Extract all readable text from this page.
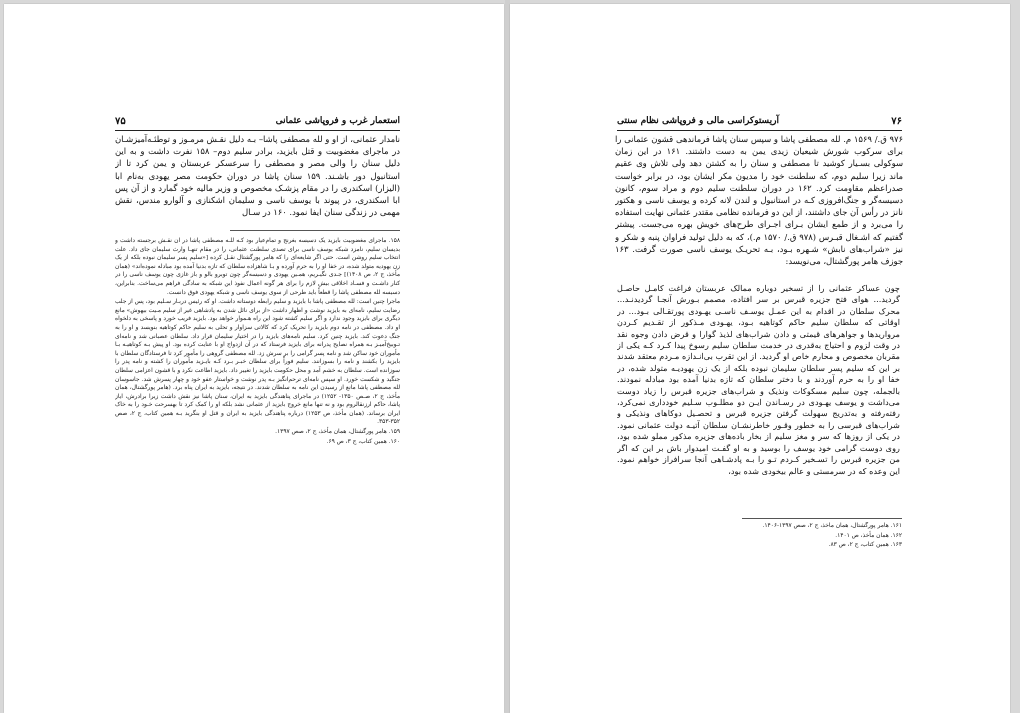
۷۵	استعمار غرب و فروپاشی عثمانی

نامدار عثمانی، از او و لله مصطفی پاشا– بـه دلیل نقـش مرمـوز و توطئـه‌آمیزشـان در ماجرای مغضوبیت و قتل بایزید، برادر سلیم دوم– ۱۵۸ نفرت داشت و به این دلیل سنان را والی مصر و مصطفی را سرعسکر عربستان و یمن کرد تا از استانبول دور باشـند. ۱۵۹ سنان پاشا در دوران حکومت مصر یهودی به‌نام ابا (الیزار) اسکندری را در مقام پزشـک مخصوص و وزیر مالیه خود گمارد و از آن پس ابا اسکندری، در پیوند با یوسف ناسی و سلیمان اشکنازی و آلوارو مندس، نقش مهمی در زندگی سنان ایفا نمود. ۱۶۰ در سـال

۱۵۸. ماجرای مغضوبیت بایزید یک دسیسه بغرنج و تمام‌عیار بود کـه للـه مصطفی پاشا در آن نقـش برجسته داشت و بدیسان سلیم، نامزد شبکه یوسف ناسی برای تصدی سلطنت عثمانی، را در مقام تنهـا وارث سلیمان جای داد. علت انتخاب سلیم روشن است. حتی اگر شایعه‌ای را که هامر پورگشتال نقـل کرده [«سلیم پسر سلیمان نبوده بلکه از یک زن یهودیه متولد شده، در خفا او را به حرم آورده‌ و بـا شاهزاده سلطان که تازه بدنیا آمده بود مبادله نموده‌اند» (همان مأخذ، ج ۲، ص ۱۴۰۸)] جـدی نگیـریم، همـین یهودی و دسیسه‌گر چون توبرو بالو و باز غازی چون یوسف ناسی را در کنار داشـت و فسـاد اخلاقی بیش لازم را برای هر گونه اعمال نفوذ این شبکه به سادگی فراهم می‌ساخت. بنابراین، دسیسه لله مصطفی پاشا را قطعاً باید طرحی از سوی یوسف ناسی و شبکه یهودی فوق دانست.

ماجرا چنین است: لله مصطفی پاشا با بایزید و سلیم رابطه دوستانه داشت. او که رئیس دربـار سـلیم بود، پس از جلب رضایت سلیم، نامه‌ای به بایزید نوشت و اظهار داشت «از برای نائل شدن به پادشاهی غیر از سلیم مـیت بیهوش» مانع دیگری برای بایزید وجود ندارد و اگر سلیم کشته شود این راه هـموار خواهد بود. بایزید فریب خورد و پاسخی به دلخواه او داد. مصطفی در نامه دوم بایزید را تحریک کرد که کالاتی سزاوار و تحلی به سلیم حاکم کوتاهیه بنویسد و او را به جنگ دعوت کند. بایزید چنین کرد. سلیم نامه‌های بایزید را در اختیار سلیمان قرار داد. سلطان عصبانی شد و نامه‌ای تـوبیخ‌آمیـز بـه همراه نصایح پدرانه برای بایزید فرستاد که در آن ازدواج او با عنایت کرده بود. او پیش بـه کوتاهیـه بـا مأموران خود ساکن شد و نامه پسر گرامی را بر سرش زد. لله مصطفی گروهی را مأمور کرد تا فرستادگان سلطان با بایزید را بکشند و نامه را بسوزانند. سلیم فوراً برای سلطان خبـر بـرد کـه بایـزید مأموران را کشته و نامه پدر را سوزانده است. سلطان به خشم آمد و محل حکومت بایزید را تغییر داد. بایزید اطاعت نکرد و با قشون اعزامی سلطان جنگید و شکست خورد. او سپس نامه‌ای ترحم‌انگیز بـه پدر نوشت و خواستار عفو خود و چهار پسرش شد. جاسوسان لله مصطفی پاشا مانع از رسیدن این نامه به سلطان شدند. در نتیجه، بایزید به ایران پناه برد. (هامر پورگشتال، همان مأخذ، ج ۲، صـص ۱۳۵۰- ۱۲۵۲) در ماجرای پناهندگی بایزید به ایران، سنان پاشا نیز نقش داشت زیرا برادرش، ایاز پاشا، حاکم ارزنقالروم بود و نه تنها مانع خروج بایزید از عثمانی نشد بلکه او را کمک کرد تا بهسرحت خـود را به خاک ایران برساند. (همان مأخذ، ص ۱۲۵۳) درباره پناهندگی بایزید به ایران و قتل او بنگرید بـه همین کتاب، ج ۲، صص ۳۵۲-۳۵۳.

۱۵۹. هامر پورگشتال، همان مأخذ، ج ۲، صص ۱۳۹۷.

۱۶۰. همین کتاب، ج ۳، ص ۶۹.

آریستوکراسی مالی و فروپاشی نظام سنتی	۷۶

۹۷۶ ق./ ۱۵۶۹ م. لله مصطفی پاشا و سپس سنان پاشا فرماندهی قشون عثمانی را برای سرکوب شورش شیعیان زیدی یمن به دست داشتند. ۱۶۱ در این زمان سوکولی بسـیار کوشید تا مصطفی و سنان را به کشتن دهد ولی تلاش وی عقیم ماند زیرا سلیم دوم، که سلطنت خود را مدیون مکر ایشان بود، در برابر خواست صدراعظم مقاومت کرد. ۱۶۲ در دوران سلطنت سلیم دوم و مراد سوم، کانون دسیسه‌گر و جنگ‌افروزی کـه در استانبول و لندن لانه کرده و یوسف ناسی و هکتور نانز در رأس آن جای داشتند، از این دو فرمانده نظامی مقتدر عثمانی نهایت استفاده را می‌برد و از طمع ایشان بـرای اجـرای طرح‌های خویش بهره می‌جست. پیشتر گفتیم که اشـغال قبـرس (۹۷۸ ق./ ۱۵۷۰ م.)، که به دلیل تولید فراوان پنبه و شکر و نیز «شراب‌های نابش» شـهره بـود، بـه تحریـک یوسف ناسی صورت گرفت. ۱۶۳ جوزف هامر پورگشتال، می‌نویسد:

چون عساکر عثمانی را از تسخیر دوباره ممالک عربستان فراغت کامـل حاصـل گردید... هوای فتح جزیره قبرس بر سر افتاده، مصمم بـورش آنجـا گردیدنـد... محرک سلطان در اقدام به این عمـل یوسـف ناسـی یهـودی پورتقـالی بـود... در اوقاتی که سلطان سلیم حاکم کوتاهیه بـود، یهـودی مـذکور از تقـدیم کـردن مرواریدها و جواهرهای قیمتی و دادن شراب‌های لذیذ گوارا و قرض دادن وجوه نقد در وقت لزوم و احتیاج به‌قدری در خدمت سلطان سلیم رسوخ پیدا کـرد کـه یکی از مقربان مخصوص و محارم خاص او گردید. از این تقرب بی‌انـدازه مـردم معتقد شدند بر این که سلیم پسر سلطان سلیمان نبوده بلکه از یک زن یهودیـه متولد شده، در خفا او را به حرم آوردند و با دختر سلطان که تازه بدنیا آمده بود مبادله نمودند. بالجمله، چون سلیم مسکوکات ونذیک و شراب‌های جزیره قبرس را زیاد دوست می‌داشت و یوسف یهـودی در رسـاندن ایـن دو مطلـوب سـلیم خودداری نمی‌کرد، رفته‌رفته و به‌تدریج سهولت گرفتن جزیره قبرس و تحصـیل دوکاهای ونذیکی و شراب‌های قبرسی را به‌ خطور وقـور خاطرنشـان سلطان آتیـه دولت عثمانی نمود. در یکی از روزها که سر و مغز سلیم از بخار باده‌های جزیره مذکور مملو شده بود، روی دوست گرامی خود یوسف را بوسید و به او گفـت امیدوار باش بر این که اگر من جزیره قبرس را تسـخیر کـردم تـو را بـه پادشـاهی آنجا سرافراز خواهم نمود. این وعده که در سرمستی و عالم بیخودی شده بود،

۱۶۱. هامر پورگشتال، همان مأخذ، ج ۲، صص ۱۳۹۷-۱۴۰۶.

۱۶۲. همان مأخذ، ص ۱۴۰۱.

۱۶۳. همین کتاب، ج ۲، ص ۸۳.
